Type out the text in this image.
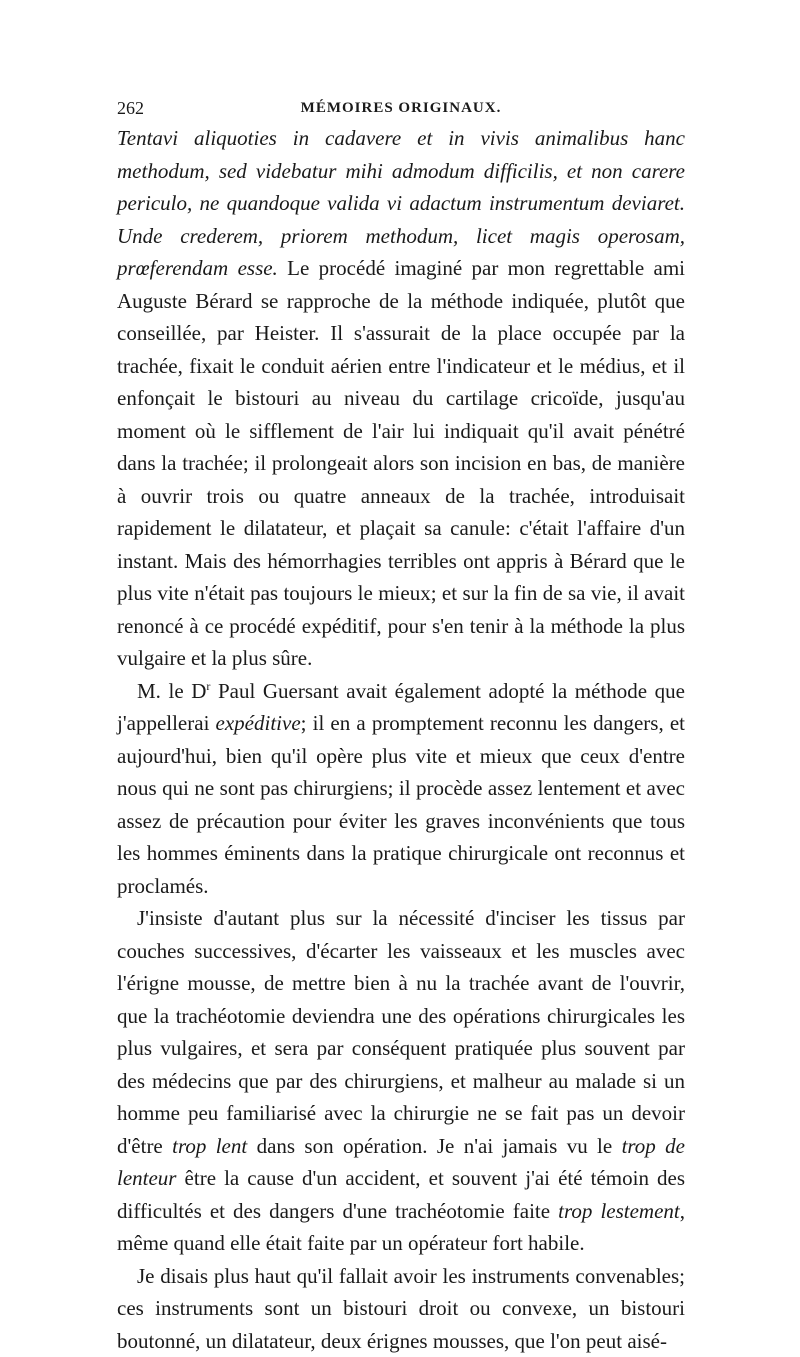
262	MÉMOIRES ORIGINAUX.

Tentavi aliquoties in cadavere et in vivis animalibus hanc methodum, sed videbatur mihi admodum difficilis, et non carere periculo, ne quandoque valida vi adactum instrumentum deviaret. Unde crederem, priorem methodum, licet magis operosam, prœferendam esse. Le procédé imaginé par mon regrettable ami Auguste Bérard se rapproche de la méthode indiquée, plutôt que conseillée, par Heister. Il s'assurait de la place occupée par la trachée, fixait le conduit aérien entre l'indicateur et le médius, et il enfonçait le bistouri au niveau du cartilage cricoïde, jusqu'au moment où le sifflement de l'air lui indiquait qu'il avait pénétré dans la trachée; il prolongeait alors son incision en bas, de manière à ouvrir trois ou quatre anneaux de la trachée, introduisait rapidement le dilatateur, et plaçait sa canule: c'était l'affaire d'un instant. Mais des hémorrhagies terribles ont appris à Bérard que le plus vite n'était pas toujours le mieux; et sur la fin de sa vie, il avait renoncé à ce procédé expéditif, pour s'en tenir à la méthode la plus vulgaire et la plus sûre.

M. le $D^r$ Paul Guersant avait également adopté la méthode que j'appellerai expéditive; il en a promptement reconnu les dangers, et aujourd'hui, bien qu'il opère plus vite et mieux que ceux d'entre nous qui ne sont pas chirurgiens; il procède assez lentement et avec assez de précaution pour éviter les graves inconvénients que tous les hommes éminents dans la pratique chirurgicale ont reconnus et proclamés.

J'insiste d'autant plus sur la nécessité d'inciser les tissus par couches successives, d'écarter les vaisseaux et les muscles avec l'érigne mousse, de mettre bien à nu la trachée avant de l'ouvrir, que la trachéotomie deviendra une des opérations chirurgicales les plus vulgaires, et sera par conséquent pratiquée plus souvent par des médecins que par des chirurgiens, et malheur au malade si un homme peu familiarisé avec la chirurgie ne se fait pas un devoir d'être trop lent dans son opération. Je n'ai jamais vu le trop de lenteur être la cause d'un accident, et souvent j'ai été témoin des difficultés et des dangers d'une trachéotomie faite trop lestement, même quand elle était faite par un opérateur fort habile.

Je disais plus haut qu'il fallait avoir les instruments convenables; ces instruments sont un bistouri droit ou convexe, un bistouri boutonné, un dilatateur, deux érignes mousses, que l'on peut aisé-
